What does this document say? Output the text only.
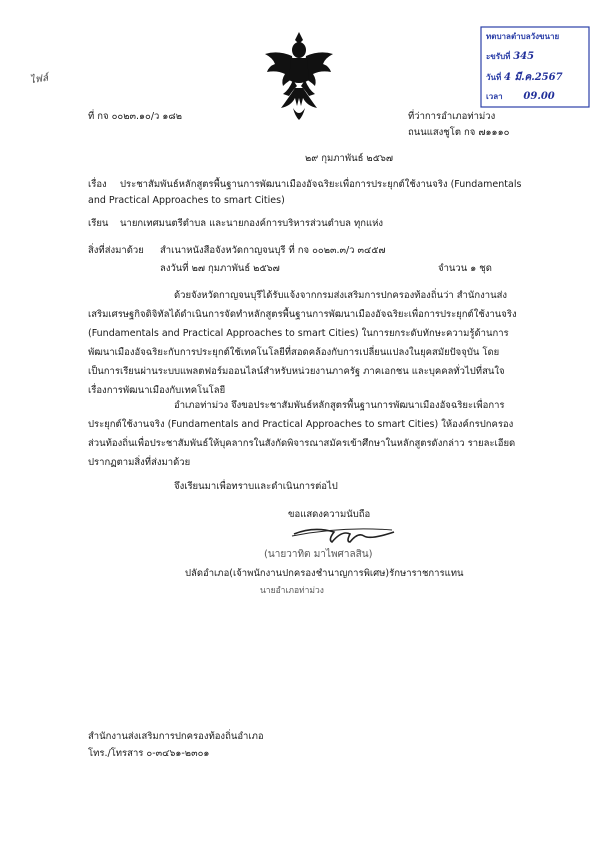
ทตบาลตำบลวังขนาย
ะขรับที่ 345
วันที่ 4 มี.ค.2567
เวลา 09.00
ไฟล์
ที่ กจ ๐๐๒๓.๑๐/ว ๑๘๒	ที่ว่าการอำเภอท่าม่วง
ถนนแสงชูโต กจ ๗๑๑๑๐
๒๙ กุมภาพันธ์ ๒๕๖๗
เรื่อง ประชาสัมพันธ์หลักสูตรพื้นฐานการพัฒนาเมืองอัจฉริยะเพื่อการประยุกต์ใช้งานจริง (Fundamentals
and Practical Approaches to smart Cities)
เรียน นายกเทศมนตรีตำบล และนายกองค์การบริหารส่วนตำบล ทุกแห่ง
สิ่งที่ส่งมาด้วย สำเนาหนังสือจังหวัดกาญจนบุรี ที่ กจ ๐๐๒๓.๓/ว ๓๔๕๗
ลงวันที่ ๒๗ กุมภาพันธ์ ๒๕๖๗	จำนวน ๑ ชุด
ด้วยจังหวัดกาญจนบุรีได้รับแจ้งจากกรมส่งเสริมการปกครองท้องถิ่นว่า สำนักงานส่งเสริมเศรษฐกิจดิจิทัลได้ดำเนินการจัดทำหลักสูตรพื้นฐานการพัฒนาเมืองอัจฉริยะเพื่อการประยุกต์ใช้งานจริง (Fundamentals and Practical Approaches to smart Cities) ในการยกระดับทักษะความรู้ด้านการพัฒนาเมืองอัจฉริยะกับการประยุกต์ใช้เทคโนโลยีที่สอดคล้องกับการเปลี่ยนแปลงในยุคสมัยปัจจุบัน โดยเป็นการเรียนผ่านระบบแพลตฟอร์มออนไลน์สำหรับหน่วยงานภาครัฐ ภาคเอกชน และบุคคลทั่วไปที่สนใจเรื่องการพัฒนาเมืองกับเทคโนโลยี
อำเภอท่าม่วง จึงขอประชาสัมพันธ์หลักสูตรพื้นฐานการพัฒนาเมืองอัจฉริยะเพื่อการประยุกต์ใช้งานจริง (Fundamentals and Practical Approaches to smart Cities) ให้องค์กรปกครองส่วนท้องถิ่นเพื่อประชาสัมพันธ์ให้บุคลากรในสังกัดพิจารณาสมัครเข้าศึกษาในหลักสูตรดังกล่าว รายละเอียดปรากฏตามสิ่งที่ส่งมาด้วย
จึงเรียนมาเพื่อทราบและดำเนินการต่อไป
ขอแสดงความนับถือ
(นายวาทิต มาไพศาลสิน)
ปลัดอำเภอ(เจ้าพนักงานปกครองชำนาญการพิเศษ)รักษาราชการแทน
นายอำเภอท่าม่วง
สำนักงานส่งเสริมการปกครองท้องถิ่นอำเภอ
โทร./โทรสาร ๐-๓๔๖๑-๒๓๐๑
